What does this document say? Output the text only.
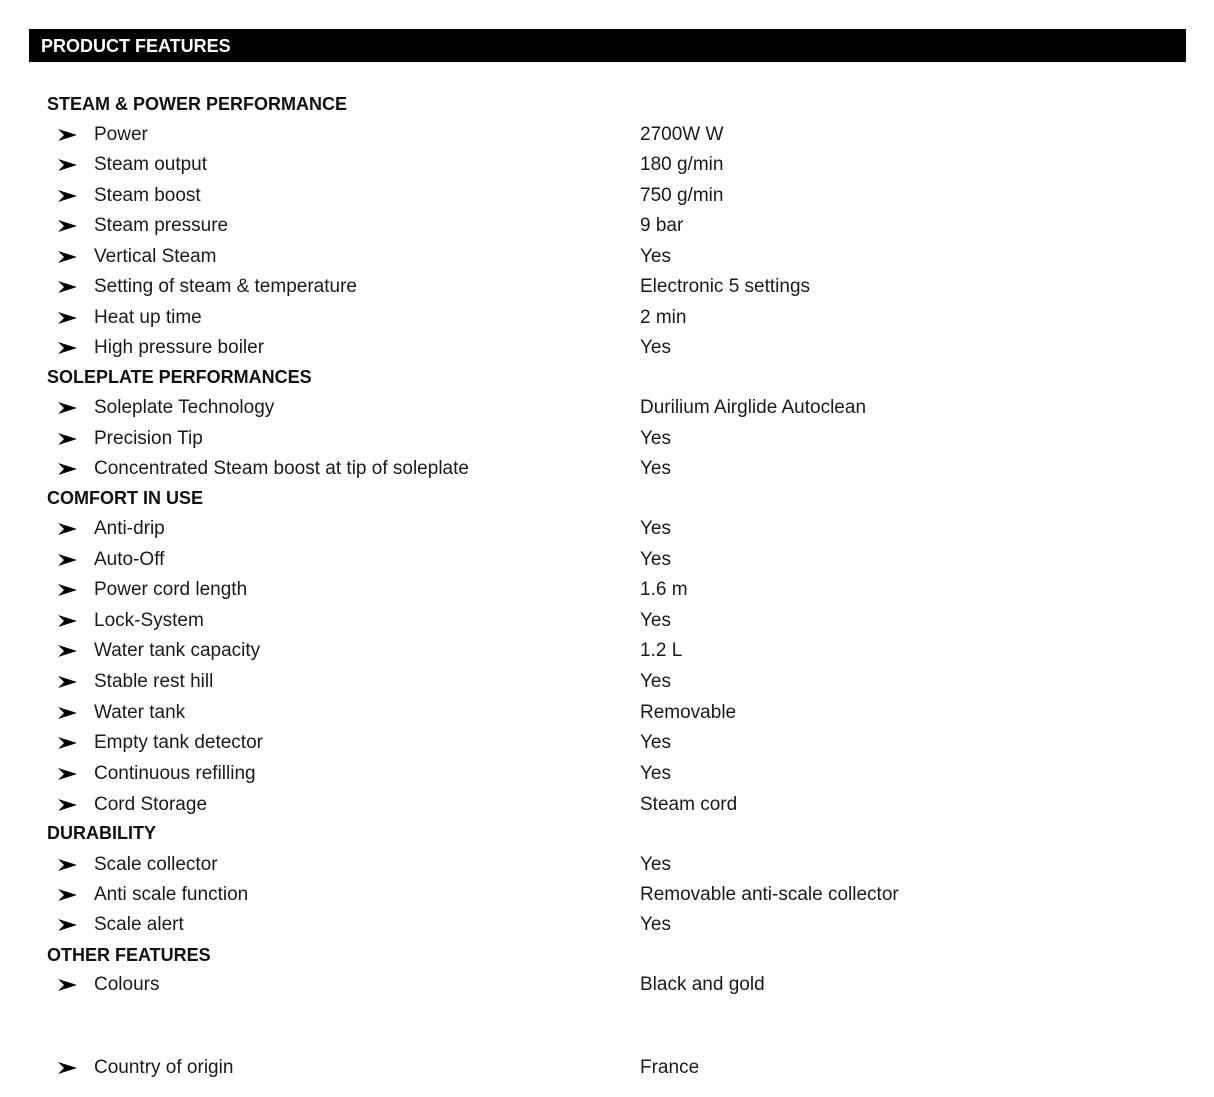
PRODUCT FEATURES
STEAM & POWER PERFORMANCE
Power	2700W W
Steam output	180 g/min
Steam boost	750 g/min
Steam pressure	9 bar
Vertical Steam	Yes
Setting of steam & temperature	Electronic 5 settings
Heat up time	2 min
High pressure boiler	Yes
SOLEPLATE PERFORMANCES
Soleplate Technology	Durilium Airglide Autoclean
Precision Tip	Yes
Concentrated Steam boost at tip of soleplate	Yes
COMFORT IN USE
Anti-drip	Yes
Auto-Off	Yes
Power cord length	1.6 m
Lock-System	Yes
Water tank capacity	1.2 L
Stable rest hill	Yes
Water tank	Removable
Empty tank detector	Yes
Continuous refilling	Yes
Cord Storage	Steam cord
DURABILITY
Scale collector	Yes
Anti scale function	Removable anti-scale collector
Scale alert	Yes
OTHER FEATURES
Colours	Black and gold
Country of origin	France
